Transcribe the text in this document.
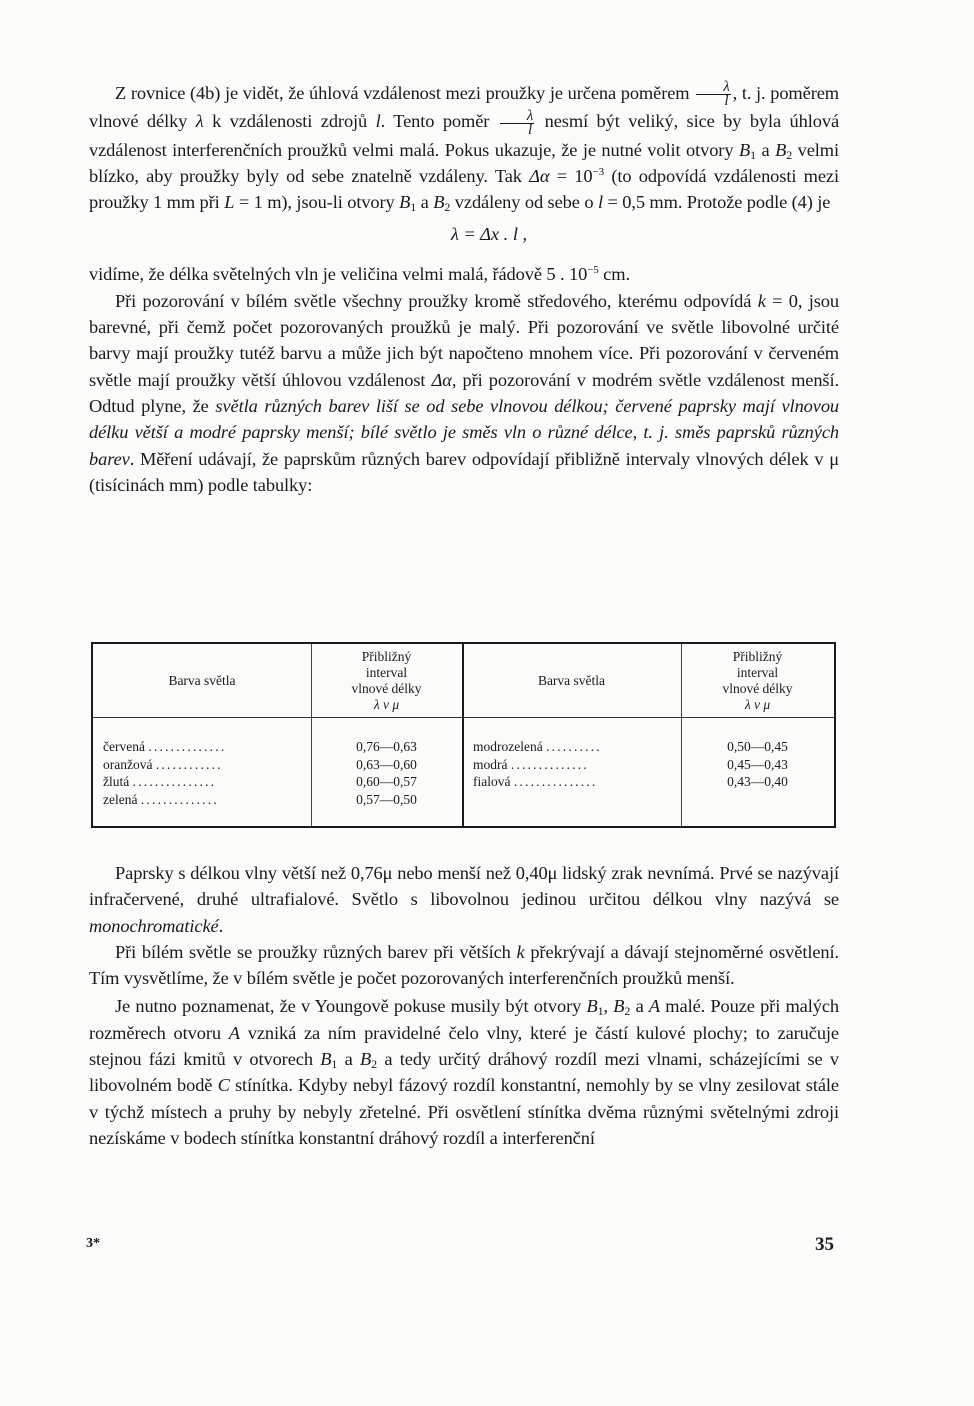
Z rovnice (4b) je vidět, že úhlová vzdálenost mezi proužky je určena poměrem $\frac{\lambda}{l}$ , t. j. poměrem vlnové délky λ k vzdálenosti zdrojů l. Tento poměr $\frac{\lambda}{l}$ nesmí být veliký, sice by byla úhlová vzdálenost interferenčních proužků velmi malá. Pokus ukazuje, že je nutné volit otvory $B_1$ a $B_2$ velmi blízko, aby proužky byly od sebe znatelně vzdáleny. Tak $\Delta\alpha = 10^{-3}$ (to odpovídá vzdálenosti mezi proužky 1 mm při L = 1 m), jsou-li otvory $B_1$ a $B_2$ vzdáleny od sebe o l = 0,5 mm. Protože podle (4) je

λ = Δx . l ,

vidíme, že délka světelných vln je veličina velmi malá, řádově 5 . $10^{-5}$ cm.

Při pozorování v bílém světle všechny proužky kromě středového, kterému odpovídá k = 0, jsou barevné, při čemž počet pozorovaných proužků je malý. Při pozorování ve světle libovolné určité barvy mají proužky tutéž barvu a může jich být napočteno mnohem více. Při pozorování v červeném světle mají proužky větší úhlovou vzdálenost Δα, při pozorování v modrém světle vzdálenost menší. Odtud plyne, že světla různých barev liší se od sebe vlnovou délkou; červené paprsky mají vlnovou délku větší a modré paprsky menší; bílé světlo je směs vln o různé délce, t. j. směs paprsků různých barev. Měření udávají, že paprskům různých barev odpovídají přibližně intervaly vlnových délek v μ (tisícinách mm) podle tabulky:

Barva světla
Přibližný
interval
vlnové délky
λ v μ
Barva světla
Přibližný
interval
vlnové délky
λ v μ
červená ..............
oranžová ............
žlutá ...............
zelená ..............
0,76—0,63
0,63—0,60
0,60—0,57
0,57—0,50
modrozelená ..........
modrá ..............
fialová ...............
0,50—0,45
0,45—0,43
0,43—0,40

Paprsky s délkou vlny větší než 0,76μ nebo menší než 0,40μ lidský zrak nevnímá. Prvé se nazývají infračervené, druhé ultrafialové. Světlo s libovolnou jedinou určitou délkou vlny nazývá se monochromatické.

Při bílém světle se proužky různých barev při větších k překrývají a dávají stejnoměrné osvětlení. Tím vysvětlíme, že v bílém světle je počet pozorovaných interferenčních proužků menší.

Je nutno poznamenat, že v Youngově pokuse musily být otvory $B_1$, $B_2$ a A malé. Pouze při malých rozměrech otvoru A vzniká za ním pravidelné čelo vlny, které je částí kulové plochy; to zaručuje stejnou fázi kmitů v otvorech $B_1$ a $B_2$ a tedy určitý dráhový rozdíl mezi vlnami, scházejícími se v libovolném bodě C stínítka. Kdyby nebyl fázový rozdíl konstantní, nemohly by se vlny zesilovat stále v týchž místech a pruhy by nebyly zřetelné. Při osvětlení stínítka dvěma různými světelnými zdroji nezískáme v bodech stínítka konstantní dráhový rozdíl a interferenční

3*	35
